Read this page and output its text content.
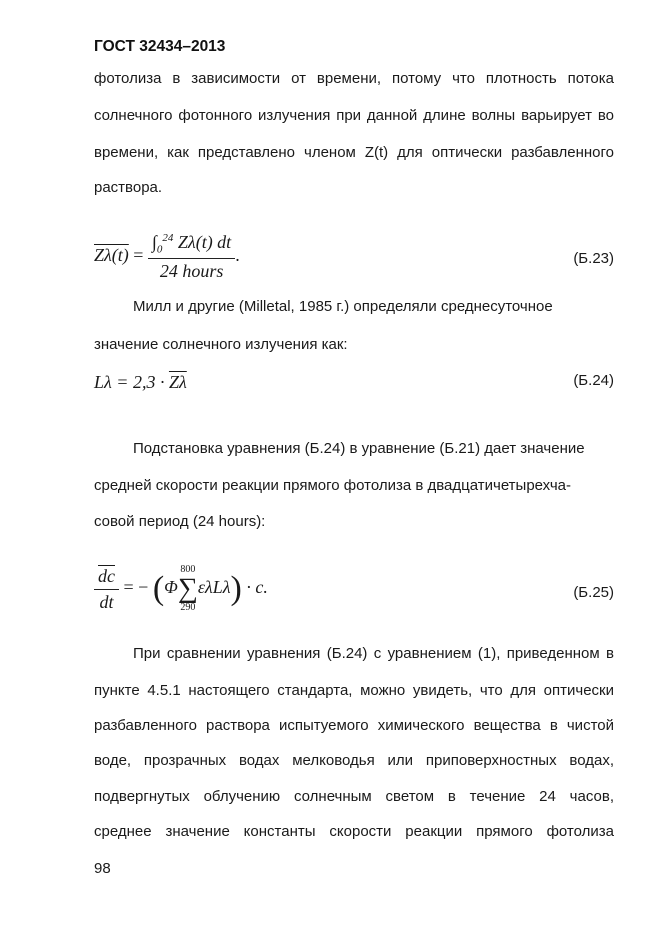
ГОСТ 32434–2013
фотолиза в зависимости от времени, потому что плотность потока
солнечного фотонного излучения при данной длине волны варьирует во
времени, как представлено членом Z(t) для оптически разбавленного
раствора.
$Z\lambda(t) = \frac{\int_0^{24} Z\lambda(t) dt}{\text{24 hours}}$ .	(Б.23)
Милл и другие (Milletal, 1985 г.) определяли среднесуточное
значение солнечного излучения как:
$L\lambda = 2,3 \cdot \overline{Z\lambda}$	(Б.24)
Подстановка уравнения (Б.24) в уравнение (Б.21) дает значение
средней скорости реакции прямого фотолиза в двадцатичетырехча-
совой период (24 hours):
$\frac{\overline{dc}}{dt}$ = − (Φ
800
∑
290
ελLλ) · c.	(Б.25)
При сравнении уравнения (Б.24) с уравнением (1), приведенном в
пункте 4.5.1 настоящего стандарта, можно увидеть, что для оптически
разбавленного раствора испытуемого химического вещества в чистой
воде, прозрачных водах мелководья или приповерхностных водах,
подвергнутых облучению солнечным светом в течение 24 часов,
среднее значение константы скорости реакции прямого фотолиза
98
